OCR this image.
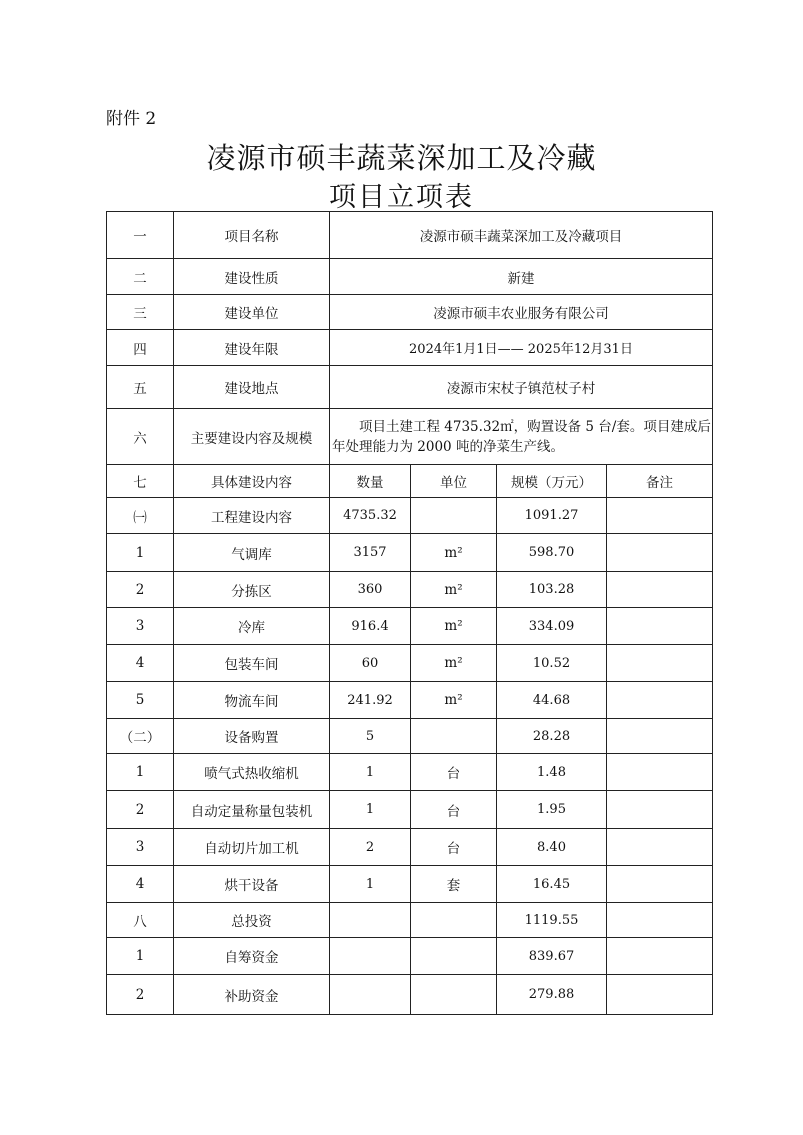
附件 2
凌源市硕丰蔬菜深加工及冷藏
项目立项表
一	项目名称	凌源市硕丰蔬菜深加工及冷藏项目			
二	建设性质	新建			
三	建设单位	凌源市硕丰农业服务有限公司			
四	建设年限	2024年1月1日—— 2025年12月31日			
五	建设地点	凌源市宋杖子镇范杖子村			
六	主要建设内容及规模	　　项目土建工程 4735.32㎡，购置设备 5 台/套。项目建成后年处理能力为 2000 吨的净菜生产线。			
七	具体建设内容	数量	单位	规模（万元）	备注
㈠	工程建设内容	4735.32		1091.27	
1	气调库	3157	m²	598.70	
2	分拣区	360	m²	103.28	
3	冷库	916.4	m²	334.09	
4	包装车间	60	m²	10.52	
5	物流车间	241.92	m²	44.68	
（二）	设备购置	5		28.28	
1	喷气式热收缩机	1	台	1.48	
2	自动定量称量包装机	1	台	1.95	
3	自动切片加工机	2	台	8.40	
4	烘干设备	1	套	16.45	
八	总投资			1119.55	
1	自筹资金			839.67	
2	补助资金			279.88	
